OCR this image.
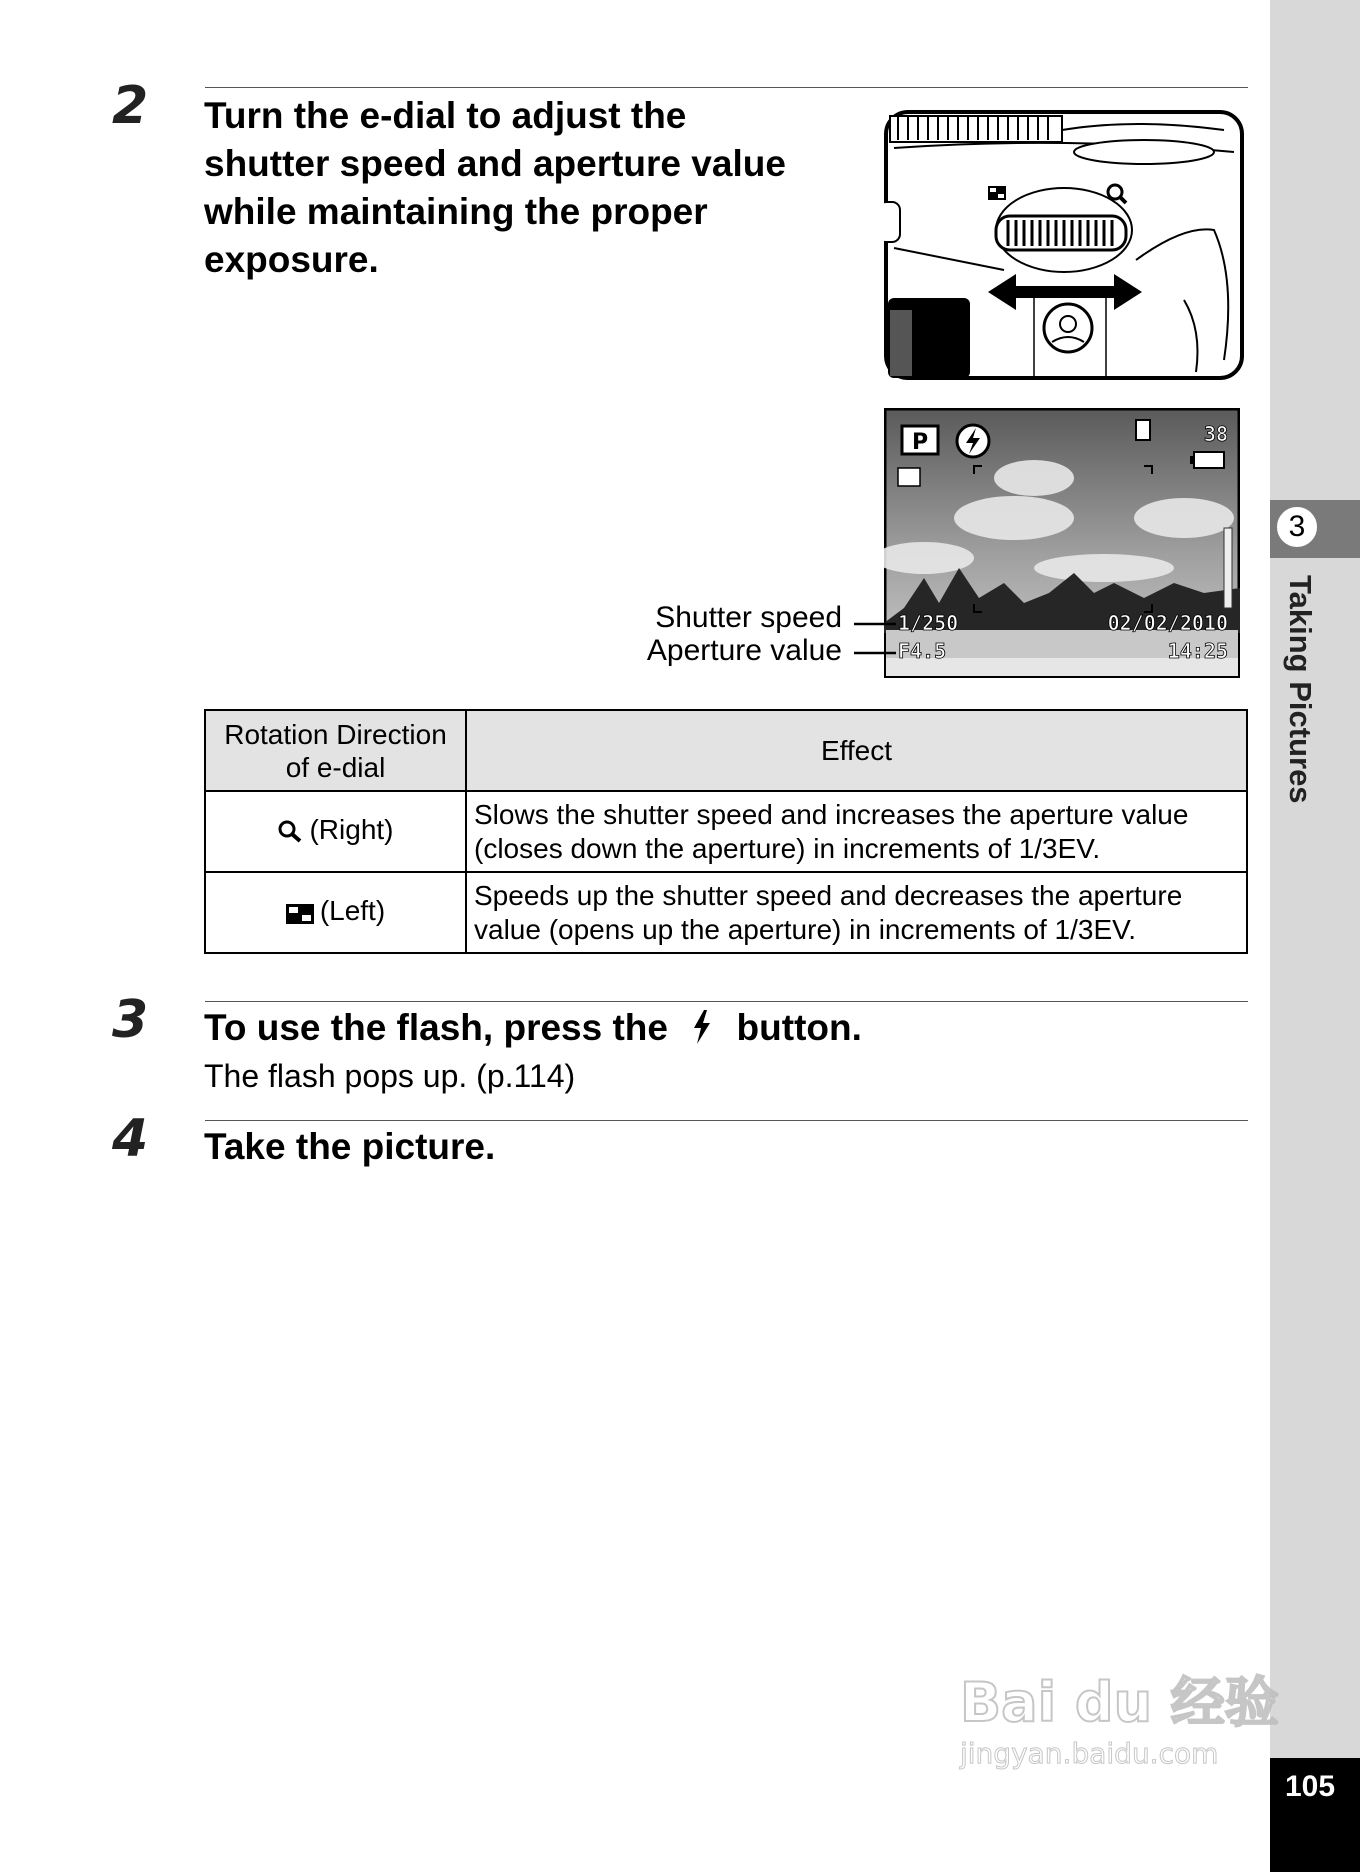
3
Taking Pictures
105
2 Turn the e-dial to adjust the
shutter speed and aperture value
while maintaining the proper
exposure.
P	38
1/250
F4.5
02/02/2010
14:25
Shutter speed
Aperture value
Rotation Direction
of e-dial	Effect
(Right)	Slows the shutter speed and increases the aperture value
(closes down the aperture) in increments of 1/3EV.

(Left)	Speeds up the shutter speed and decreases the aperture
value (opens up the aperture) in increments of 1/3EV.
3 To use the flash, press the button.
The flash pops up. (p.114)
4 Take the picture.
Bai du 经验
jingyan.baidu.com
